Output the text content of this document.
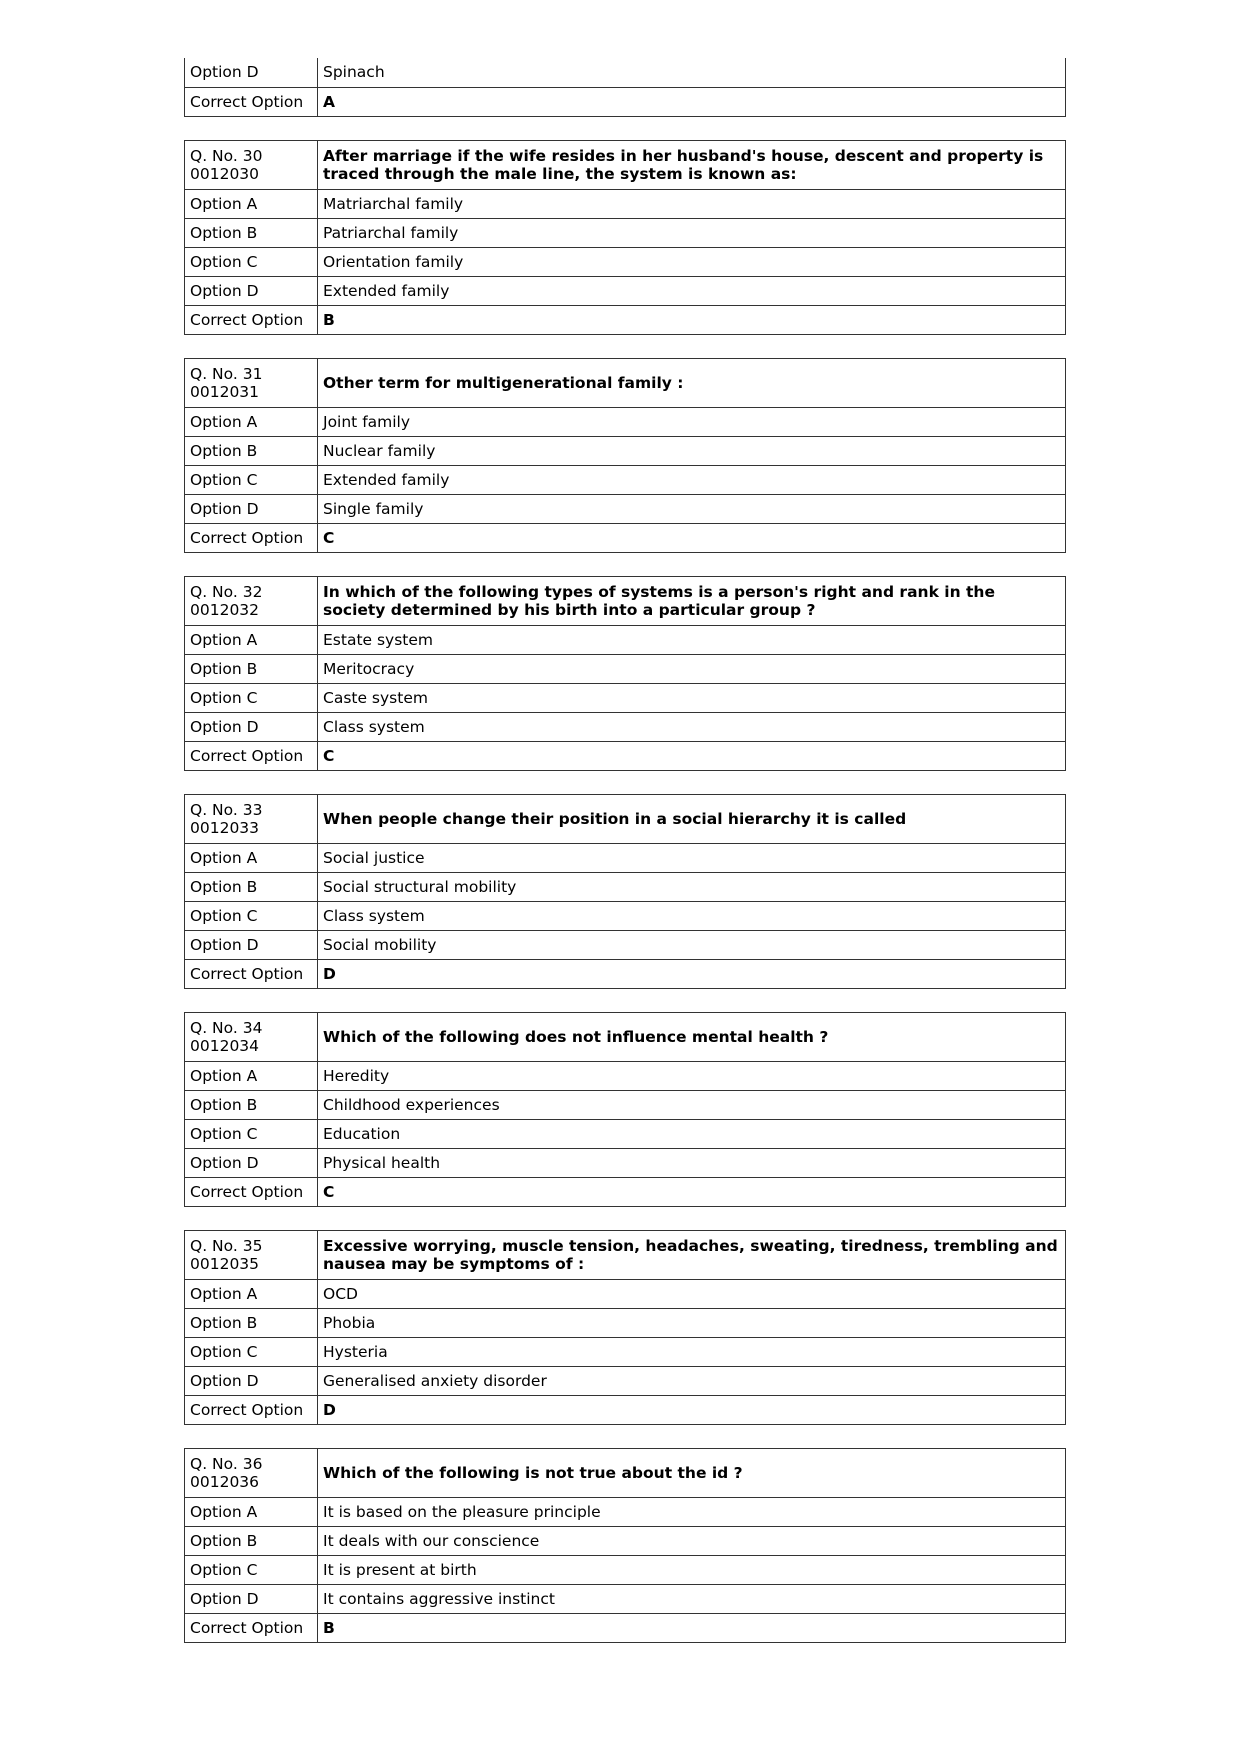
Option D	Spinach
Correct Option	A
Q. No. 30
0012030	After marriage if the wife resides in her husband's house, descent and property is traced through the male line, the system is known as:
Option A	Matriarchal family
Option B	Patriarchal family
Option C	Orientation family
Option D	Extended family
Correct Option	B
Q. No. 31
0012031	Other term for multigenerational family :
Option A	Joint family
Option B	Nuclear family
Option C	Extended family
Option D	Single family
Correct Option	C
Q. No. 32
0012032	In which of the following types of systems is a person's right and rank in the society determined by his birth into a particular group ?
Option A	Estate system
Option B	Meritocracy
Option C	Caste system
Option D	Class system
Correct Option	C
Q. No. 33
0012033	When people change their position in a social hierarchy it is called
Option A	Social justice
Option B	Social structural mobility
Option C	Class system
Option D	Social mobility
Correct Option	D
Q. No. 34
0012034	Which of the following does not influence mental health ?
Option A	Heredity
Option B	Childhood experiences
Option C	Education
Option D	Physical health
Correct Option	C
Q. No. 35
0012035	Excessive worrying, muscle tension, headaches, sweating, tiredness, trembling and nausea may be symptoms of :
Option A	OCD
Option B	Phobia
Option C	Hysteria
Option D	Generalised anxiety disorder
Correct Option	D
Q. No. 36
0012036	Which of the following is not true about the id ?
Option A	It is based on the pleasure principle
Option B	It deals with our conscience
Option C	It is present at birth
Option D	It contains aggressive instinct
Correct Option	B
